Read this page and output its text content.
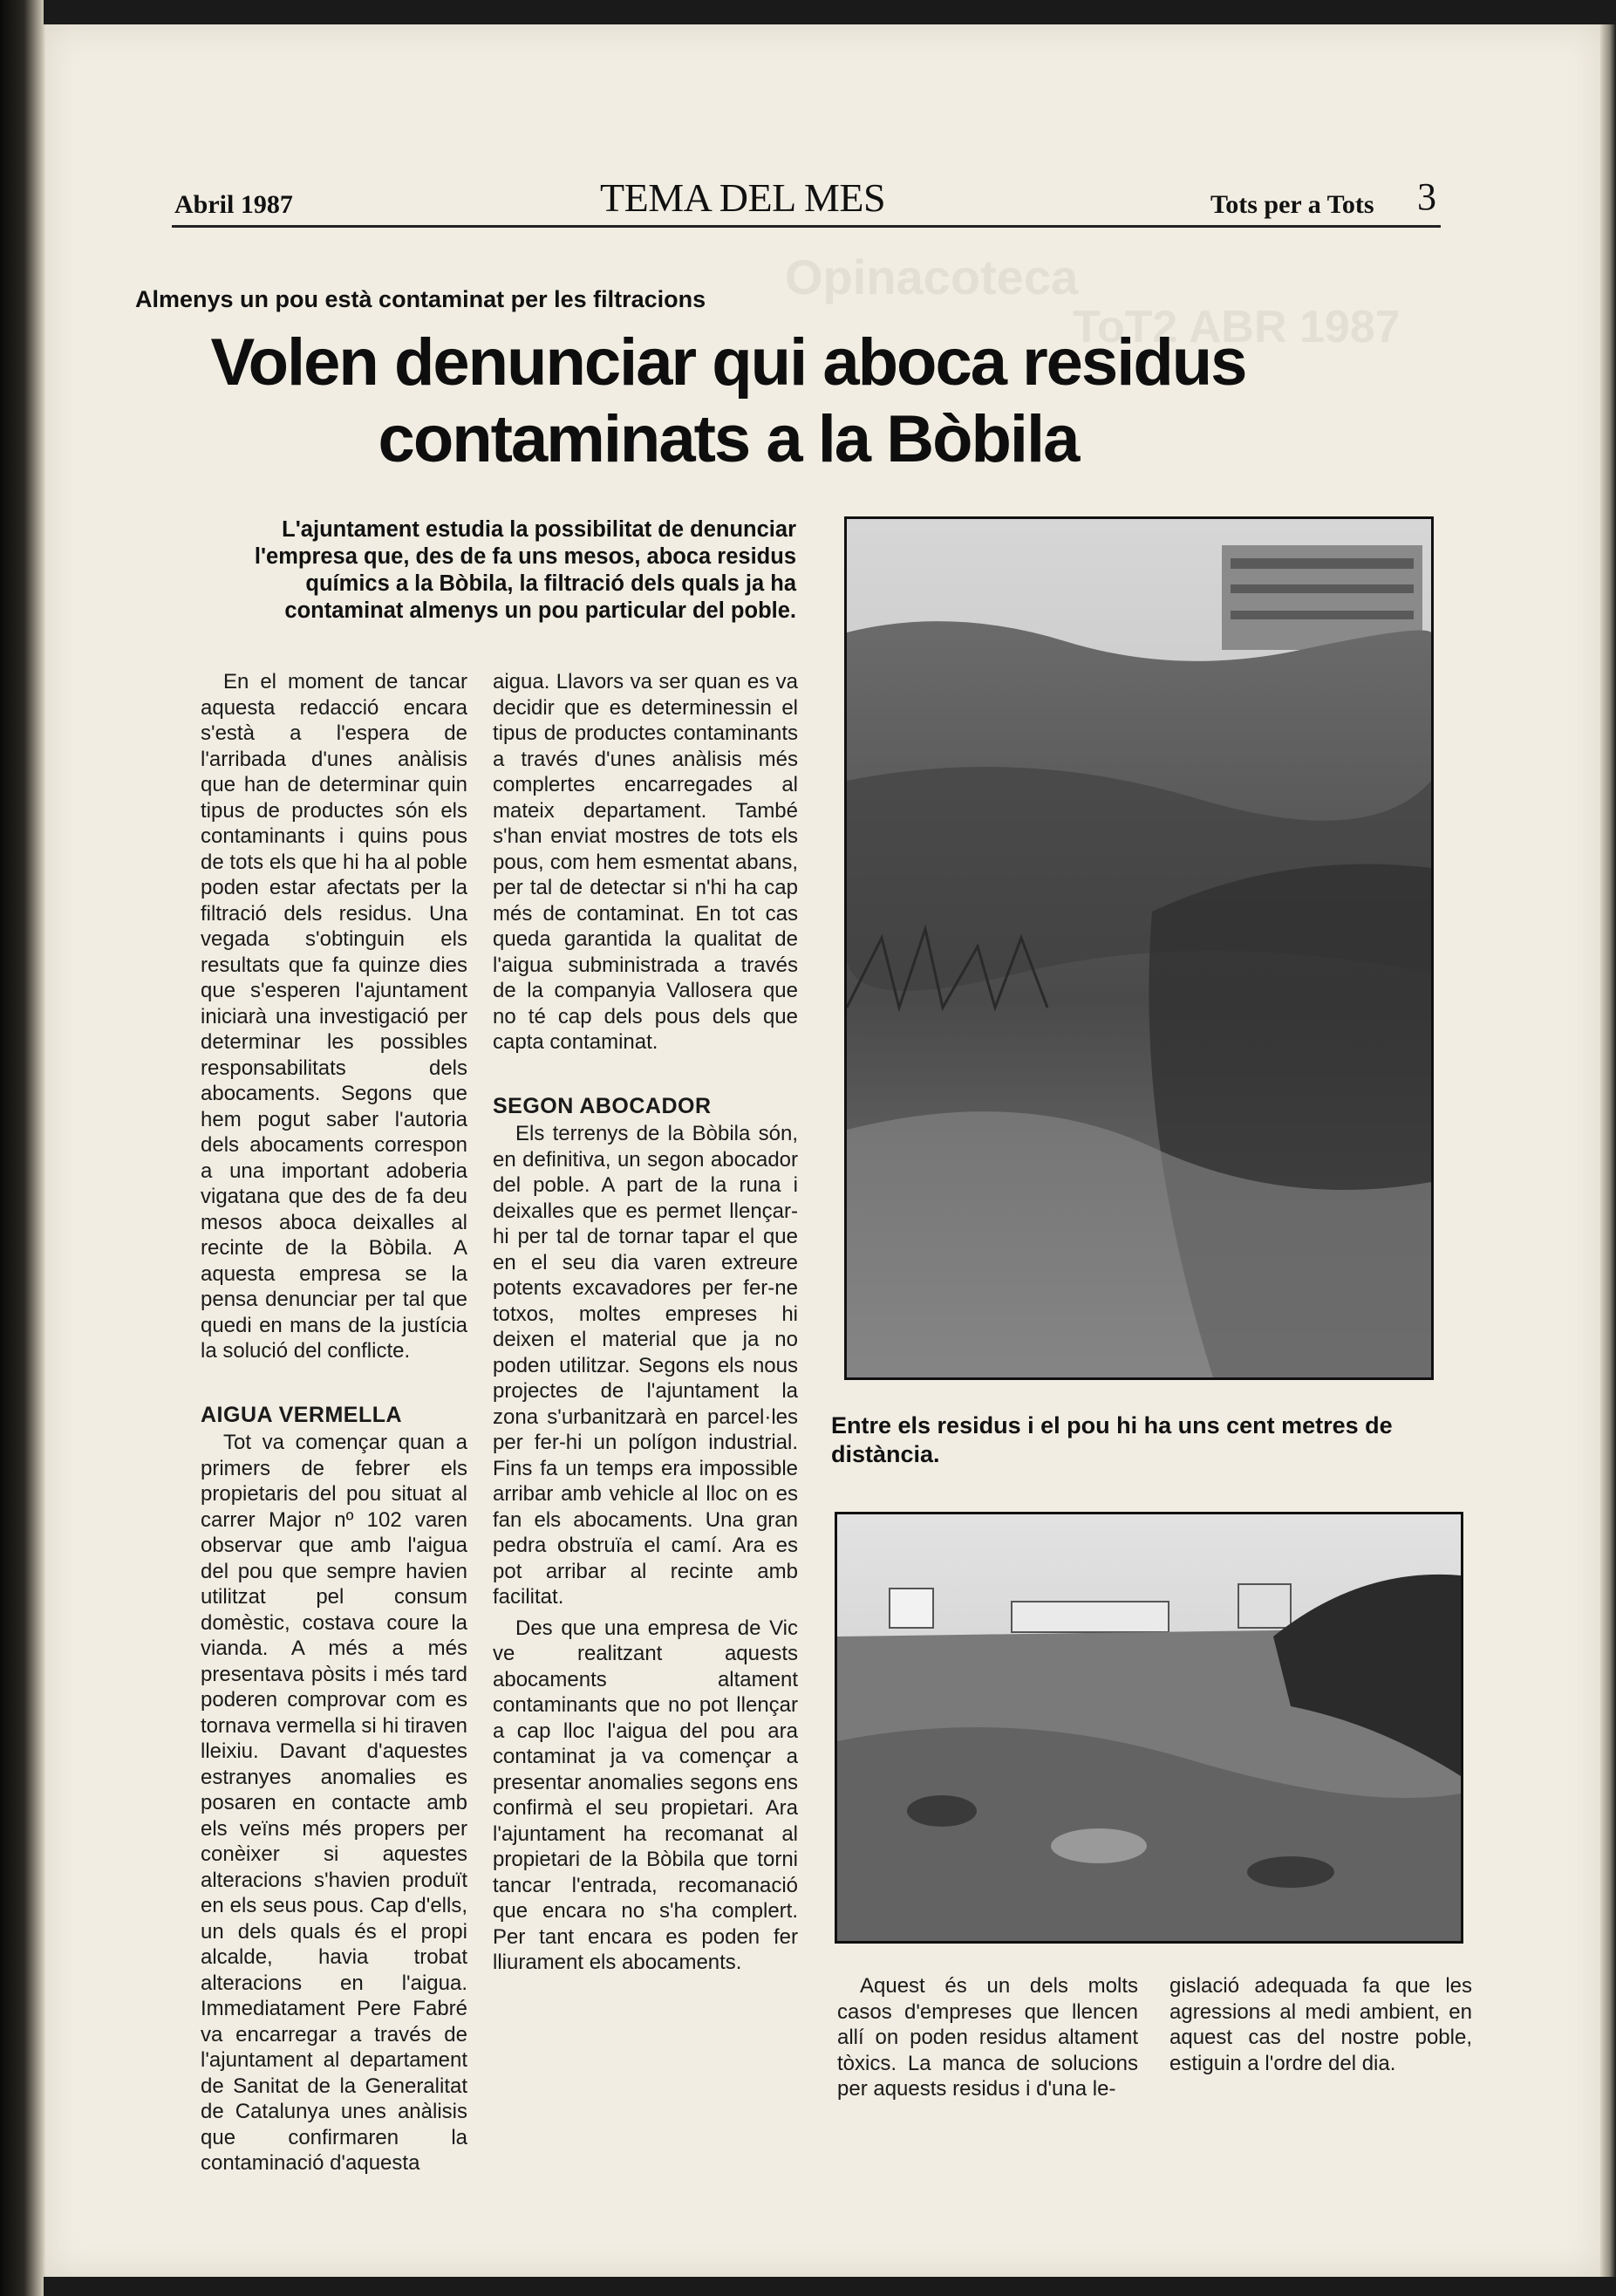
Opinacoteca
ToT2 ABR 1987
Abril 1987	TEMA DEL MES	Tots per a Tots 3
Almenys un pou està contaminat per les filtracions
Volen denunciar qui aboca residus
contaminats a la Bòbila
L'ajuntament estudia la possibilitat de denunciar l'empresa que, des de fa uns mesos, aboca residus químics a la Bòbila, la filtració dels quals ja ha contaminat almenys un pou particular del poble.

En el moment de tancar aquesta redacció encara s'està a l'espera de l'arribada d'unes anàlisis que han de determinar quin tipus de productes són els contaminants i quins pous de tots els que hi ha al poble poden estar afectats per la filtració dels residus. Una vegada s'obtinguin els resultats que fa quinze dies que s'esperen l'ajuntament iniciarà una investigació per determinar les possibles responsabilitats dels abocaments. Segons que hem pogut saber l'autoria dels abocaments correspon a una important adoberia vigatana que des de fa deu mesos aboca deixalles al recinte de la Bòbila. A aquesta empresa se la pensa denunciar per tal que quedi en mans de la justícia la solució del conflicte.

AIGUA VERMELLA

Tot va començar quan a primers de febrer els propietaris del pou situat al carrer Major nº 102 varen observar que amb l'aigua del pou que sempre havien utilitzat pel consum domèstic, costava coure la vianda. A més a més presentava pòsits i més tard poderen comprovar com es tornava vermella si hi tiraven lleixiu. Davant d'aquestes estranyes anomalies es posaren en contacte amb els veïns més propers per conèixer si aquestes alteracions s'havien produït en els seus pous. Cap d'ells, un dels quals és el propi alcalde, havia trobat alteracions en l'aigua. Immediatament Pere Fabré va encarregar a través de l'ajuntament al departament de Sanitat de la Generalitat de Catalunya unes anàlisis que confirmaren la contaminació d'aquesta

aigua. Llavors va ser quan es va decidir que es determinessin el tipus de productes contaminants a través d'unes anàlisis més complertes encarregades al mateix departament. També s'han enviat mostres de tots els pous, com hem esmentat abans, per tal de detectar si n'hi ha cap més de contaminat. En tot cas queda garantida la qualitat de l'aigua subministrada a través de la companyia Vallosera que no té cap dels pous dels que capta contaminat.

SEGON ABOCADOR

Els terrenys de la Bòbila són, en definitiva, un segon abocador del poble. A part de la runa i deixalles que es permet llençar-hi per tal de tornar tapar el que en el seu dia varen extreure potents excavadores per fer-ne totxos, moltes empreses hi deixen el material que ja no poden utilitzar. Segons els nous projectes de l'ajuntament la zona s'urbanitzarà en parcel·les per fer-hi un polígon industrial. Fins fa un temps era impossible arribar amb vehicle al lloc on es fan els abocaments. Una gran pedra obstruïa el camí. Ara es pot arribar al recinte amb facilitat.

Des que una empresa de Vic ve realitzant aquests abocaments altament contaminants que no pot llençar a cap lloc l'aigua del pou ara contaminat ja va començar a presentar anomalies segons ens confirmà el seu propietari. Ara l'ajuntament ha recomanat al propietari de la Bòbila que torni tancar l'entrada, recomanació que encara no s'ha complert. Per tant encara es poden fer lliurament els abocaments.

Entre els residus i el pou hi ha uns cent metres de distància.

Aquest és un dels molts casos d'empreses que llencen allí on poden residus altament tòxics. La manca de solucions per aquests residus i d'una le-

gislació adequada fa que les agressions al medi ambient, en aquest cas del nostre poble, estiguin a l'ordre del dia.
